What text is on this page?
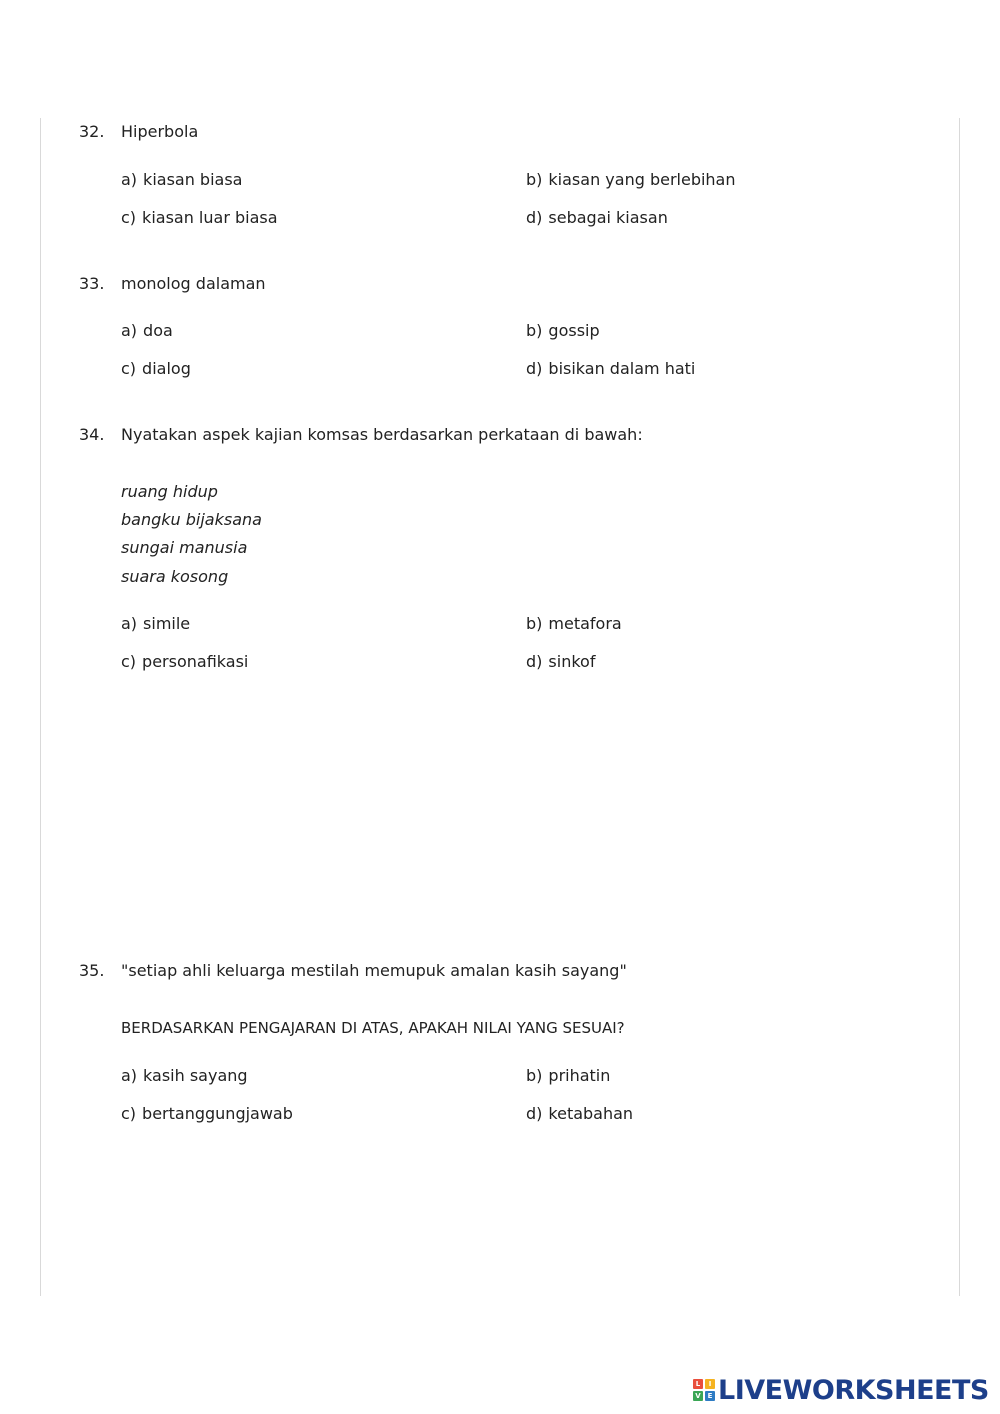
32. Hiperbola
a) kiasan biasa	b) kiasan yang berlebihan
c) kiasan luar biasa	d) sebagai kiasan
33. monolog dalaman
a) doa	b) gossip
c) dialog	d) bisikan dalam hati
34. Nyatakan aspek kajian komsas berdasarkan perkataan di bawah:
ruang hidup
bangku bijaksana
sungai manusia
suara kosong
a) simile	b) metafora
c) personafikasi	d) sinkof
35. "setiap ahli keluarga mestilah memupuk amalan kasih sayang"
BERDASARKAN PENGAJARAN DI ATAS, APAKAH NILAI YANG SESUAI?
a) kasih sayang	b) prihatin
c) bertanggungjawab	d) ketabahan
L	I
V E LIVEWORKSHEETS
